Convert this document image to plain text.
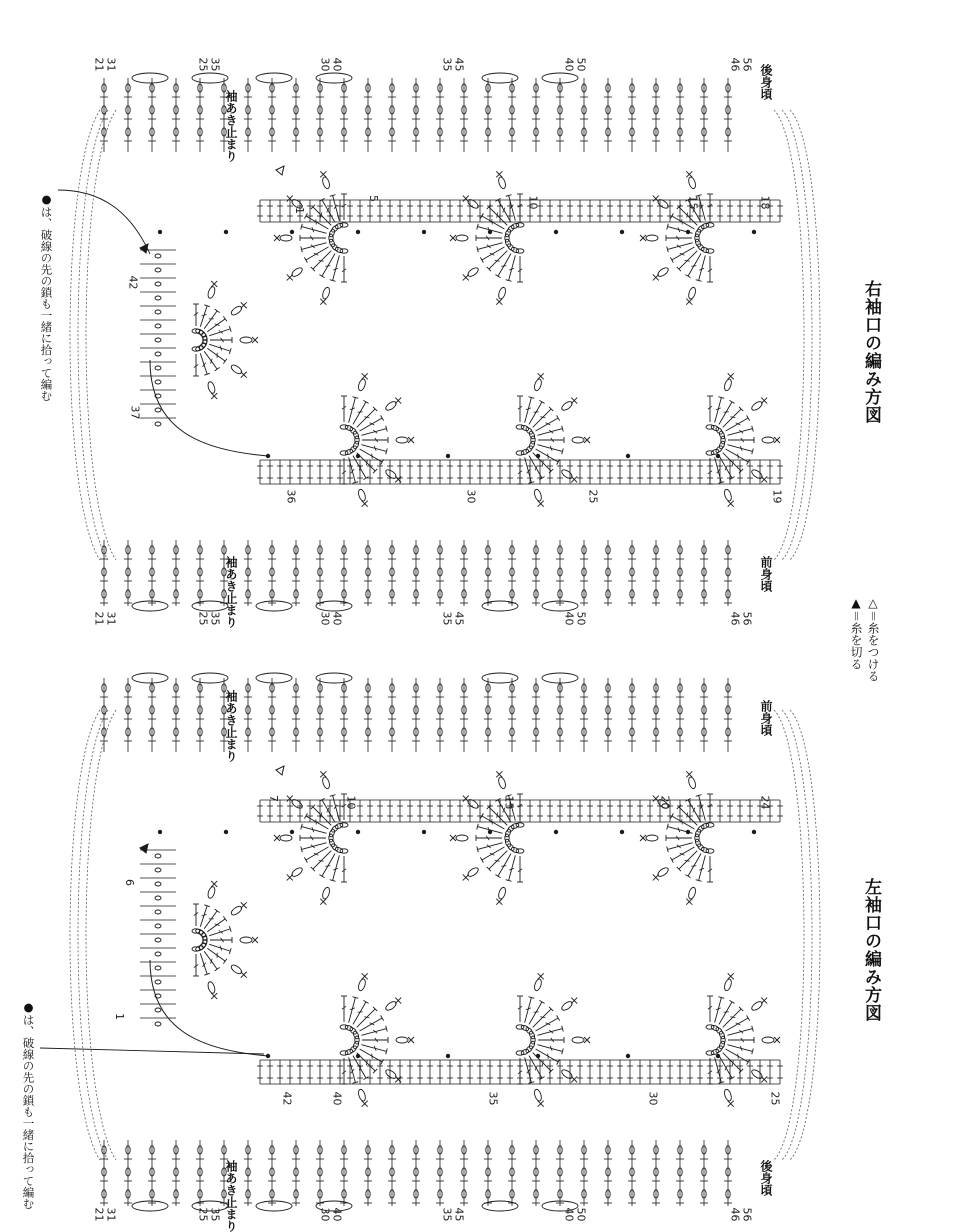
右袖口の編み方図
左袖口の編み方図
△＝糸をつける
▲＝糸を切る
後身頃
前身頃
袖あき止まり
袖あき止まり
前身頃
後身頃
袖あき止まり
袖あき止まり
●は、破線の先の鎖も一緒に拾って編む
●は、破線の先の鎖も一緒に拾って編む
56
46
50
40
45
35
40
30
35
25
31
21
56
46
50
40
45
35
40
30
35
25
31
21
18
15
10
5
1
19
25
30
36
42
37
21 31	25 35	30 40	35 45	40 50	46 56
24
20
15
10
7
25
30
35
40
42
6
1
